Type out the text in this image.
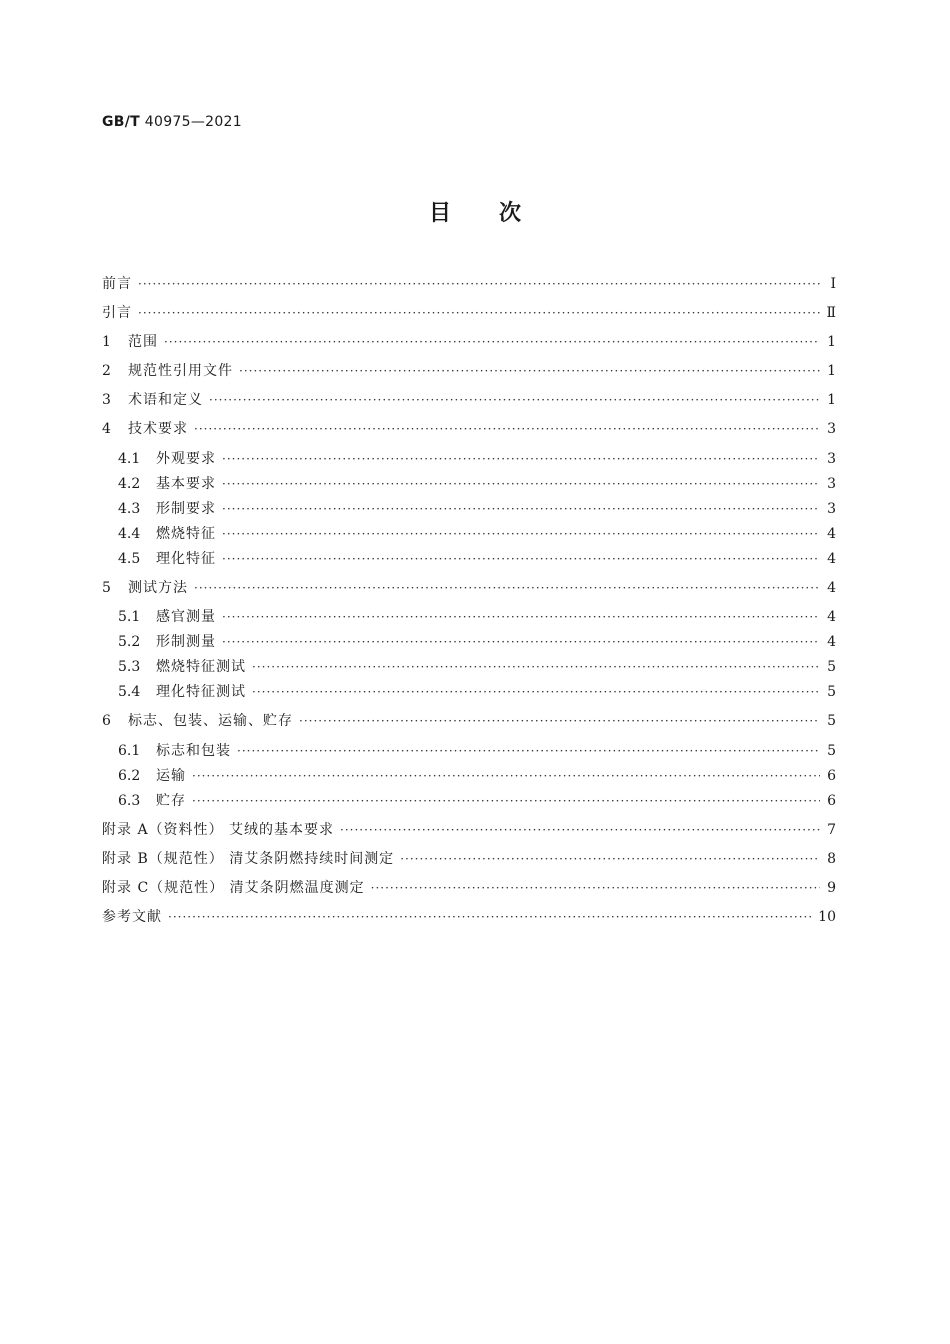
GB/T 40975—2021
目次
前言 ·····	Ⅰ
引言 ·····	Ⅱ
1	范围 ·····	1
2	规范性引用文件 ·····	1
3	术语和定义 ·····	1
4	技术要求 ·····	3
4.1	外观要求 ·····	3
4.2	基本要求 ·····	3
4.3	形制要求 ·····	3
4.4	燃烧特征 ·····	4
4.5	理化特征 ·····	4
5	测试方法 ·····	4
5.1	感官测量 ·····	4
5.2	形制测量 ·····	4
5.3	燃烧特征测试 ·····	5
5.4	理化特征测试 ·····	5
6	标志、包装、运输、贮存 ·····	5
6.1	标志和包装 ·····	5
6.2	运输 ·····	6
6.3	贮存 ·····	6
附录 A（资料性） 艾绒的基本要求 ·····	7
附录 B（规范性） 清艾条阴燃持续时间测定 ·····	8
附录 C（规范性） 清艾条阴燃温度测定 ·····	9
参考文献 ·····	10
